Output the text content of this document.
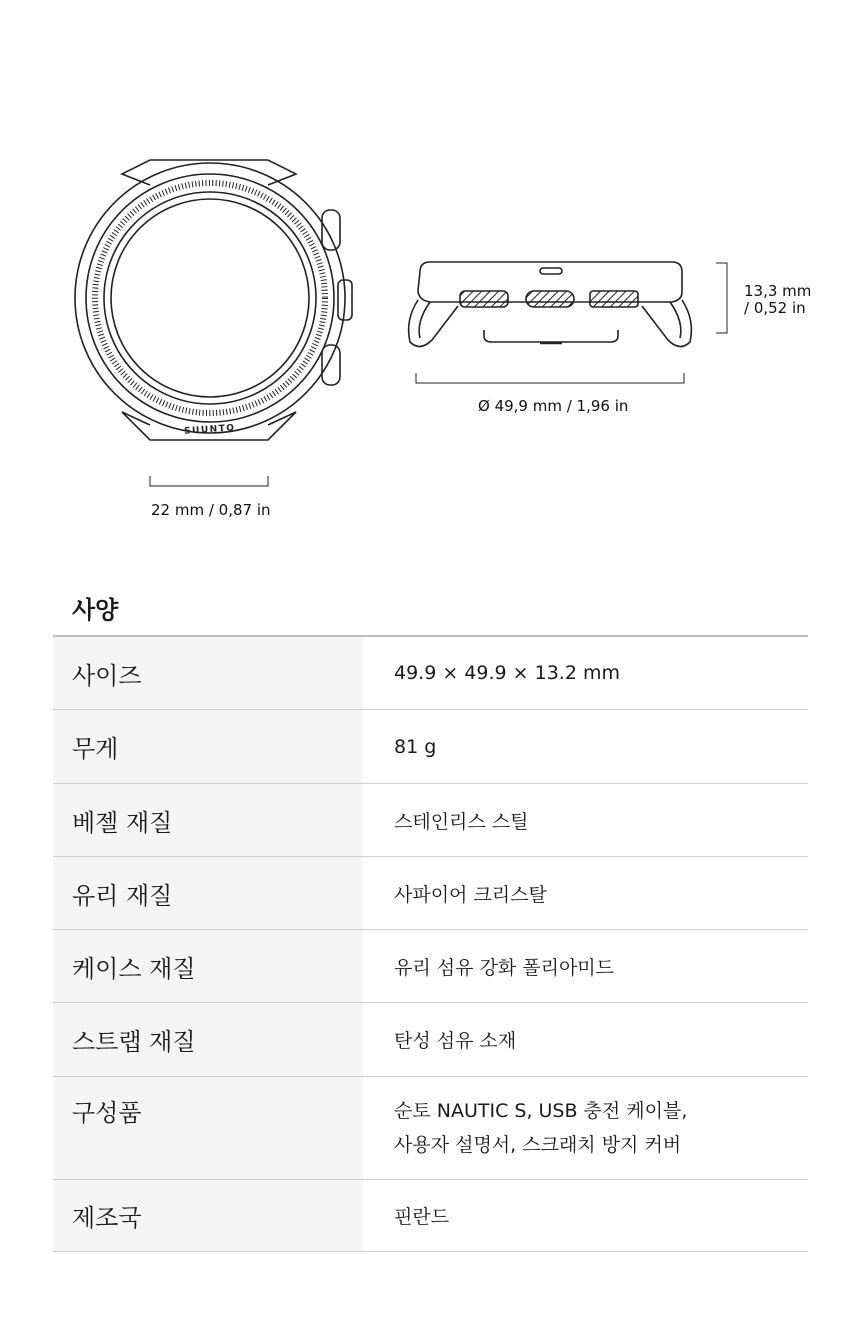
SUUNTO
22 mm / 0,87 in
Ø 49,9 mm / 1,96 in
13,3 mm
/ 0,52 in
사양
사이즈	49.9 × 49.9 × 13.2 mm
무게	81 g
베젤 재질	스테인리스 스틸
유리 재질	사파이어 크리스탈
케이스 재질	유리 섬유 강화 폴리아미드
스트랩 재질	탄성 섬유 소재
구성품	순토 NAUTIC S, USB 충전 케이블,
사용자 설명서, 스크래치 방지 커버
제조국	핀란드
